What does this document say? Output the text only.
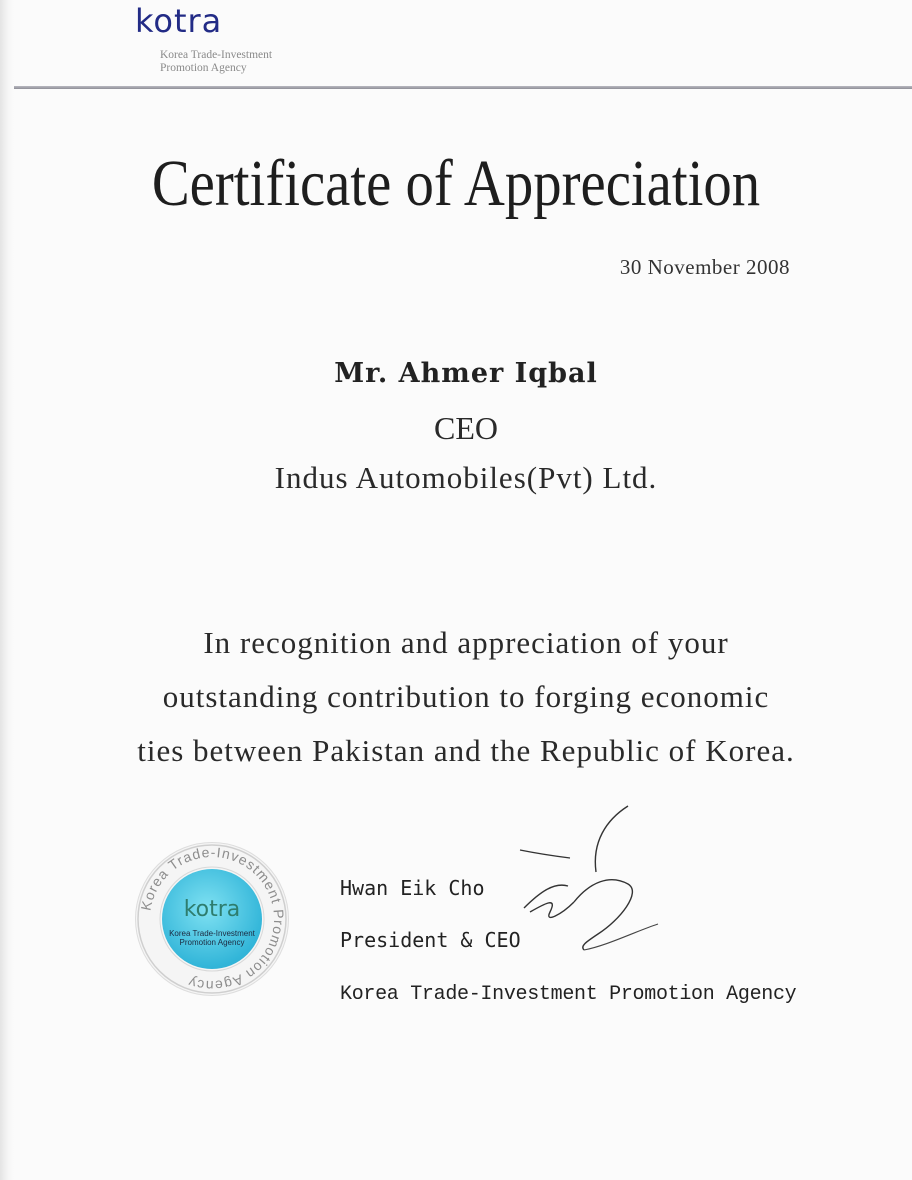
kotra
Korea Trade-Investment
Promotion Agency
Certificate of Appreciation
30 November 2008
Mr. Ahmer Iqbal
CEO
Indus Automobiles(Pvt) Ltd.
In recognition and appreciation of your
outstanding contribution to forging economic
ties between Pakistan and the Republic of Korea.
Korea Trade-Investment Promotion Agency
kotra
Korea Trade-Investment
Promotion Agency
Hwan Eik Cho
President & CEO
Korea Trade-Investment Promotion Agency
